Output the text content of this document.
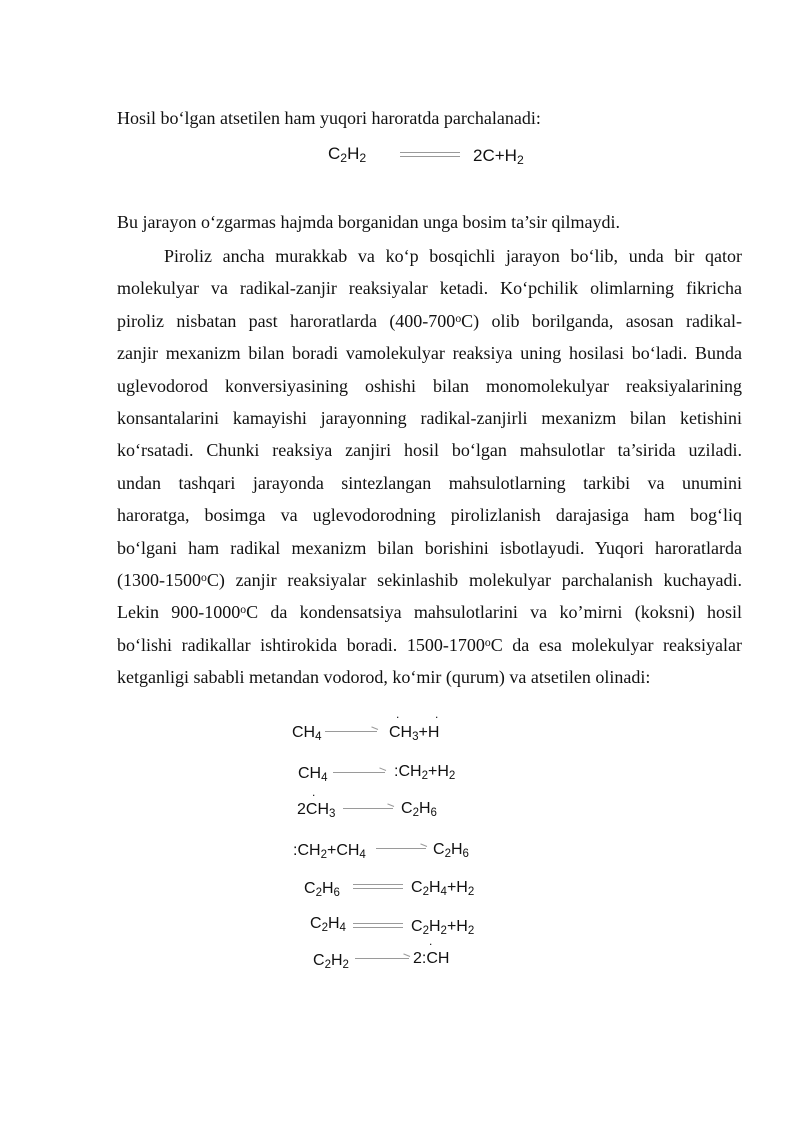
Hosil bo‘lgan atsetilen ham yuqori haroratda parchalanadi:
$C_2H_2$	$2C+H_2$
Bu jarayon o‘zgarmas hajmda borganidan unga bosim ta’sir qilmaydi.
Piroliz ancha murakkab va ko‘p bosqichli jarayon bo‘lib, unda bir qator
molekulyar va radikal-zanjir reaksiyalar ketadi. Ko‘pchilik olimlarning fikricha
piroliz nisbatan past haroratlarda (400-700$^o$C) olib borilganda, asosan radikal-
zanjir mexanizm bilan boradi vamolekulyar reaksiya uning hosilasi bo‘ladi. Bunda
uglevodorod konversiyasining oshishi bilan monomolekulyar reaksiyalarining
konsantalarini kamayishi jarayonning radikal-zanjirli mexanizm bilan ketishini
ko‘rsatadi. Chunki reaksiya zanjiri hosil bo‘lgan mahsulotlar ta’sirida uziladi.
undan tashqari jarayonda sintezlangan mahsulotlarning tarkibi va unumini
haroratga, bosimga va uglevodorodning pirolizlanish darajasiga ham bog‘liq
bo‘lgani ham radikal mexanizm bilan borishini isbotlayudi. Yuqori haroratlarda
(1300-1500$^o$C) zanjir reaksiyalar sekinlashib molekulyar parchalanish kuchayadi.
Lekin 900-1000$^o$C da kondensatsiya mahsulotlarini va ko’mirni (koksni) hosil
bo‘lishi radikallar ishtirokida boradi. 1500-1700$^o$C da esa molekulyar reaksiyalar
ketganligi sababli metandan vodorod, ko‘mir (qurum) va atsetilen olinadi:
.	.
$CH_4$	$CH_3+H$
$CH_4$	$:CH_2+H_2$
.
$2CH_3$	$C_2H_6$
$:CH_2+CH_4$	$C_2H_6$
$C_2H_6$	$C_2H_4+H_2$
$C_2H_4$	$C_2H_2+H_2$
.
$C_2H_2$	2:CH
